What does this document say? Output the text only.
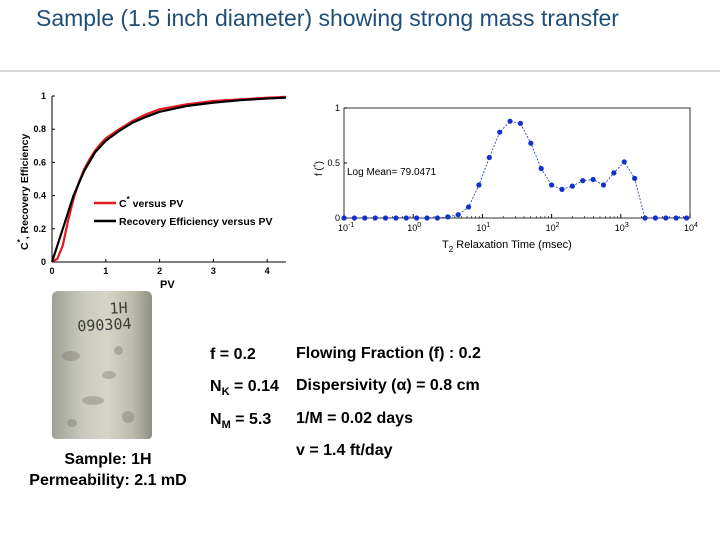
Sample (1.5 inch diameter) showing strong mass transfer
0
0.2
0.4
0.6
0.8
1
0	1	2	3	4
C*, Recovery Efficiency
PV
C* versus PV
Recovery Efficiency versus PV	0
0.5
1
$10^{-1}$	$10^0$	$10^1$	$10^2$	$10^3$	$10^4$
f (*)
Log Mean= 79.0471
$T_2$ Relaxation Time (msec)
1H
090304
Sample: 1H
Permeability: 2.1 mD
f = 0.2
$N_K = 0.14$
$N_M = 5.3$
Flowing Fraction (f) : 0.2
Dispersivity (α) = 0.8 cm
1/M = 0.02 days
v = 1.4 ft/day
